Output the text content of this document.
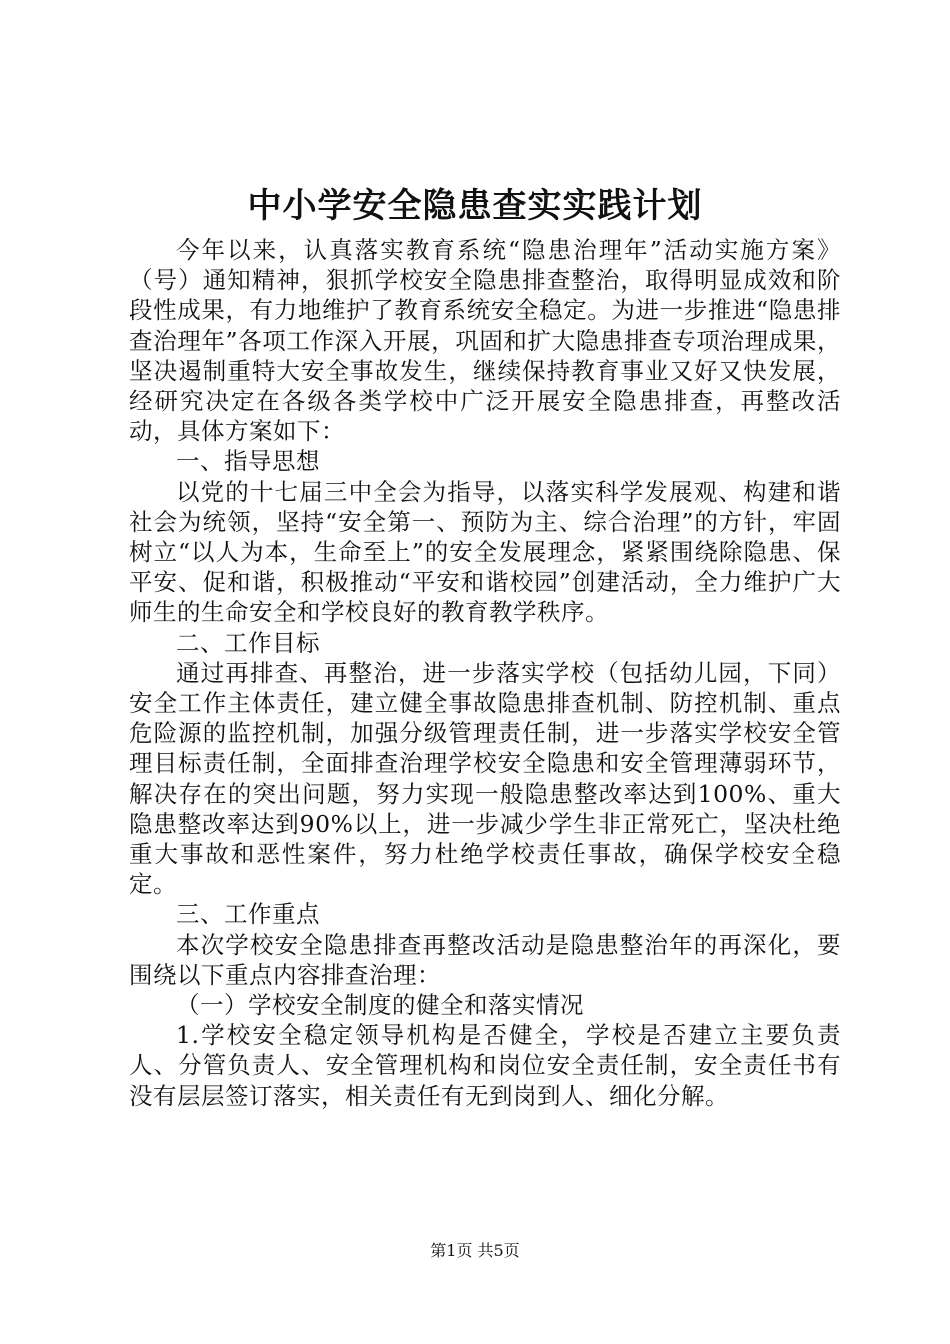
中小学安全隐患查实实践计划

今年以来，认真落实教育系统“隐患治理年”活动实施方案》（号）通知精神，狠抓学校安全隐患排查整治，取得明显成效和阶段性成果，有力地维护了教育系统安全稳定。为进一步推进“隐患排查治理年”各项工作深入开展，巩固和扩大隐患排查专项治理成果，坚决遏制重特大安全事故发生，继续保持教育事业又好又快发展，经研究决定在各级各类学校中广泛开展安全隐患排查，再整改活动，具体方案如下：

一、指导思想

以党的十七届三中全会为指导，以落实科学发展观、构建和谐社会为统领，坚持“安全第一、预防为主、综合治理”的方针，牢固树立“以人为本，生命至上”的安全发展理念，紧紧围绕除隐患、保平安、促和谐，积极推动“平安和谐校园”创建活动，全力维护广大师生的生命安全和学校良好的教育教学秩序。

二、工作目标

通过再排查、再整治，进一步落实学校（包括幼儿园，下同）安全工作主体责任，建立健全事故隐患排查机制、防控机制、重点危险源的监控机制，加强分级管理责任制，进一步落实学校安全管理目标责任制，全面排查治理学校安全隐患和安全管理薄弱环节，解决存在的突出问题，努力实现一般隐患整改率达到100%、重大隐患整改率达到90%以上，进一步减少学生非正常死亡，坚决杜绝重大事故和恶性案件，努力杜绝学校责任事故，确保学校安全稳定。

三、工作重点

本次学校安全隐患排查再整改活动是隐患整治年的再深化，要围绕以下重点内容排查治理：

（一）学校安全制度的健全和落实情况

1.学校安全稳定领导机构是否健全，学校是否建立主要负责人、分管负责人、安全管理机构和岗位安全责任制，安全责任书有没有层层签订落实，相关责任有无到岗到人、细化分解。

第1页 共5页
